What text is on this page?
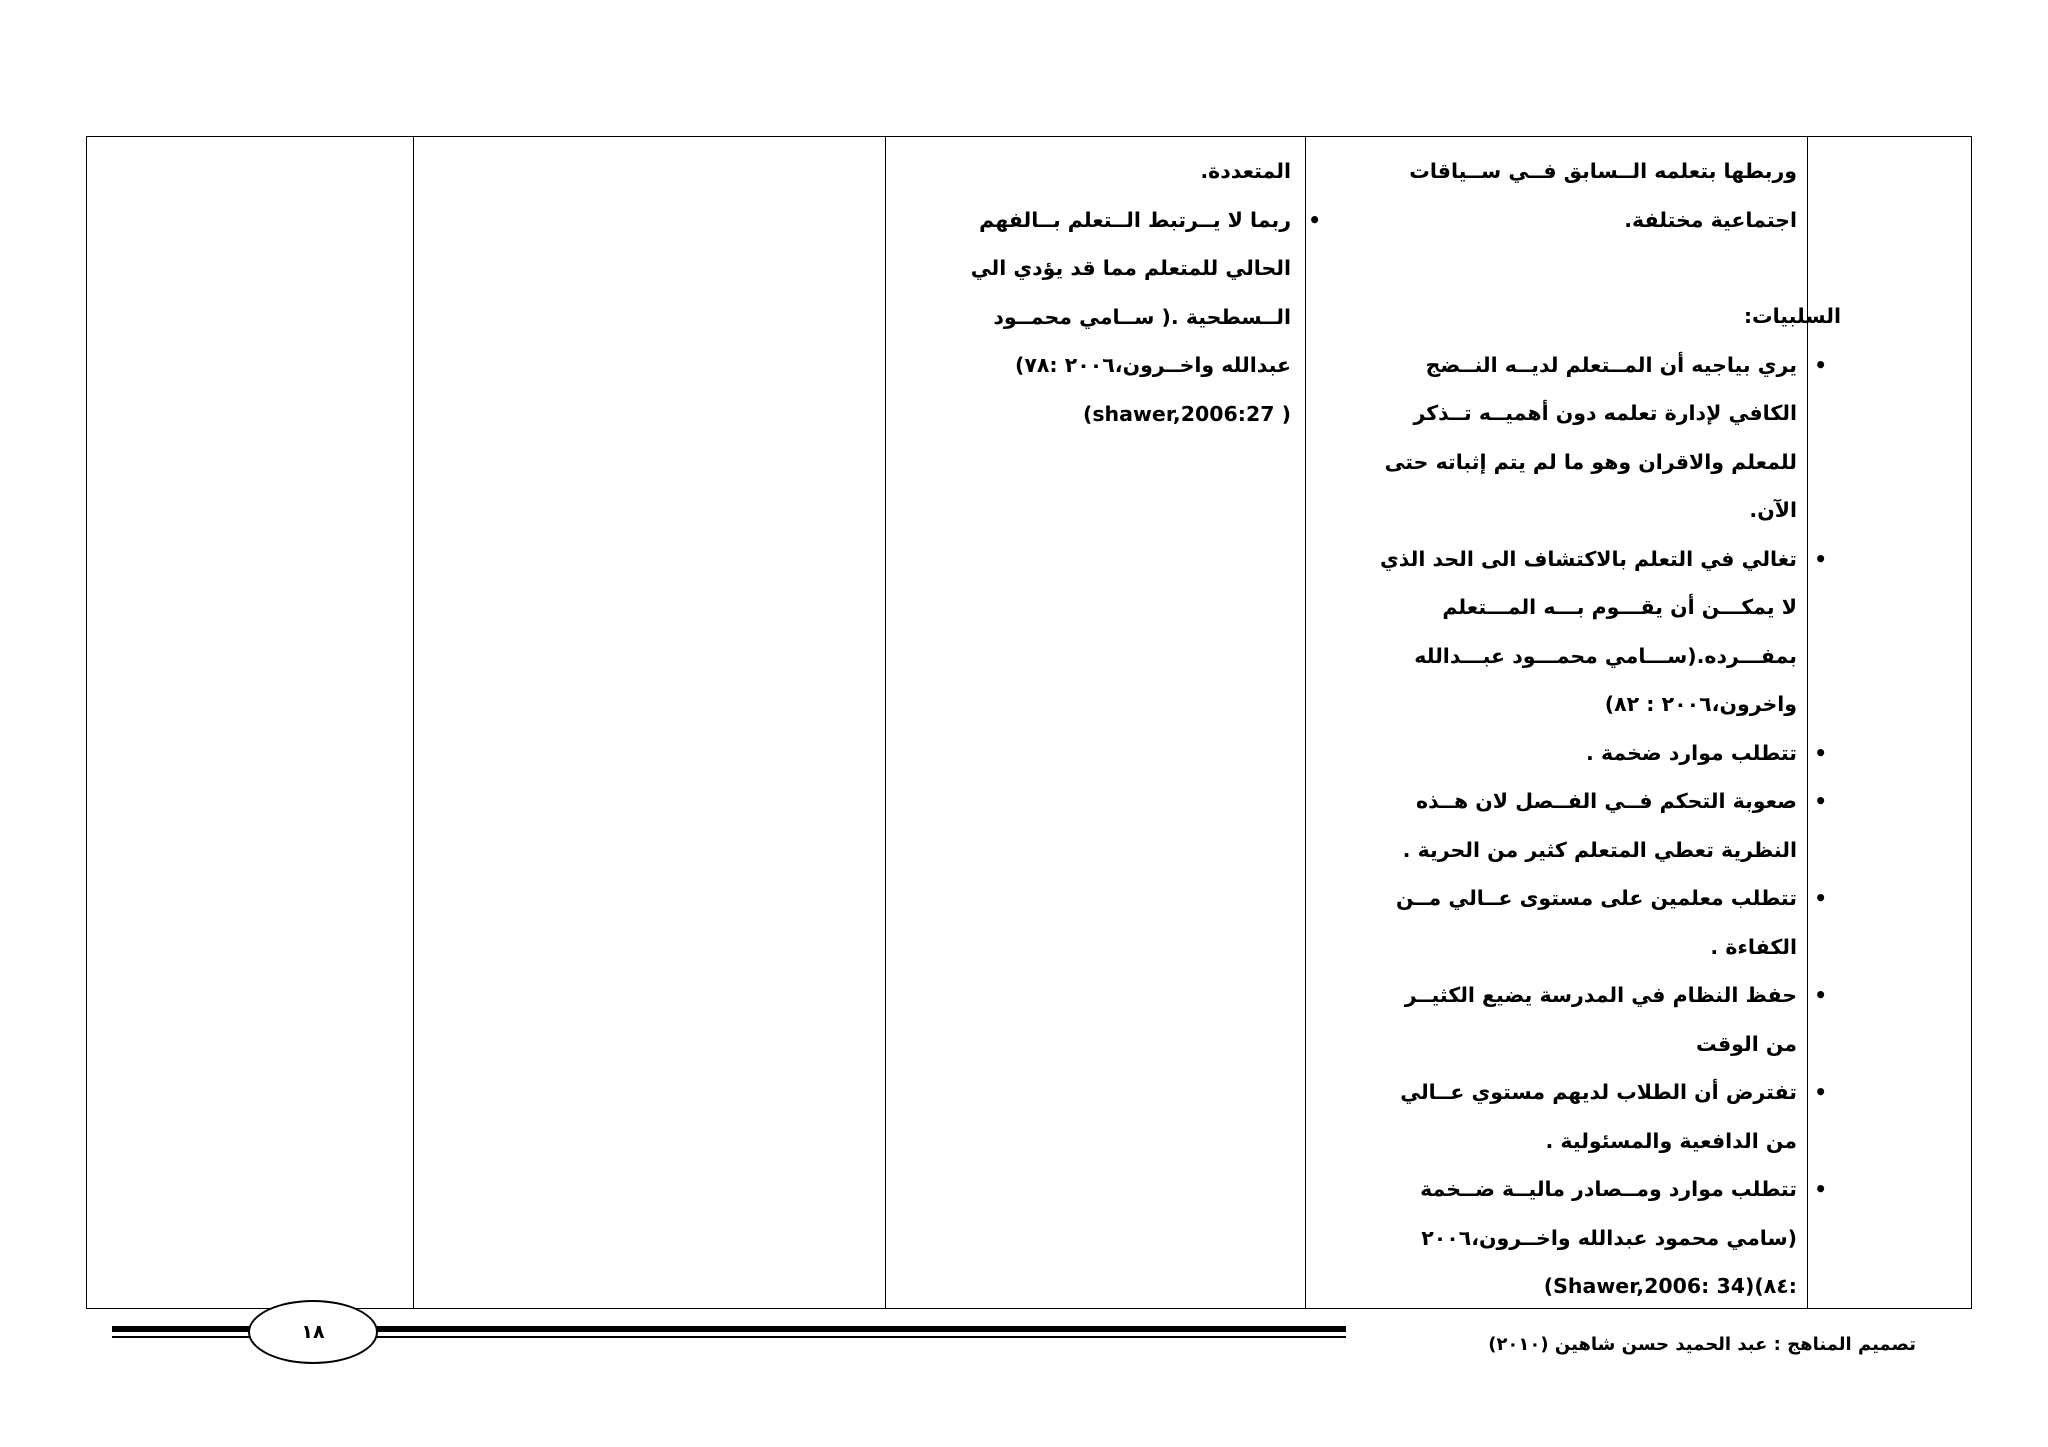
المتعددة.

• ربما لا يــرتبط الــتعلم بــالفهم

الحالي للمتعلم مما قد يؤدي الي

الــسطحية .( ســامي محمــود

عبدالله واخــرون،٢٠٠٦ :٧٨)

( shawer,2006:27)

وربطها بتعلمه الــسابق فــي ســياقات

اجتماعية مختلفة.

السلبيات:

• يري بياجيه أن المــتعلم لديــه النــضج

الكافي لإدارة تعلمه دون أهميــه تــذكر

للمعلم والاقران وهو ما لم يتم إثباته حتى

الآن.

• تغالي في التعلم بالاكتشاف الى الحد الذي

لا يمكـــن أن يقـــوم بـــه المـــتعلم

بمفـــرده.(ســـامي محمـــود عبـــدالله

واخرون،٢٠٠٦ : ٨٢)

• تتطلب موارد ضخمة .

• صعوبة التحكم فــي الفــصل لان هــذه

النظرية تعطي المتعلم كثير من الحرية .

• تتطلب معلمين على مستوى عــالي مــن

الكفاءة .

• حفظ النظام في المدرسة يضيع الكثيــر

من الوقت

• تفترض أن الطلاب لديهم مستوي عــالي

من الدافعية والمسئولية .

• تتطلب موارد ومــصادر ماليــة ضــخمة

(سامي محمود عبدالله واخــرون،٢٠٠٦

:٨٤)(Shawer,2006: 34)

١٨
تصميم المناهج : عبد الحميد حسن شاهين (٢٠١٠)
